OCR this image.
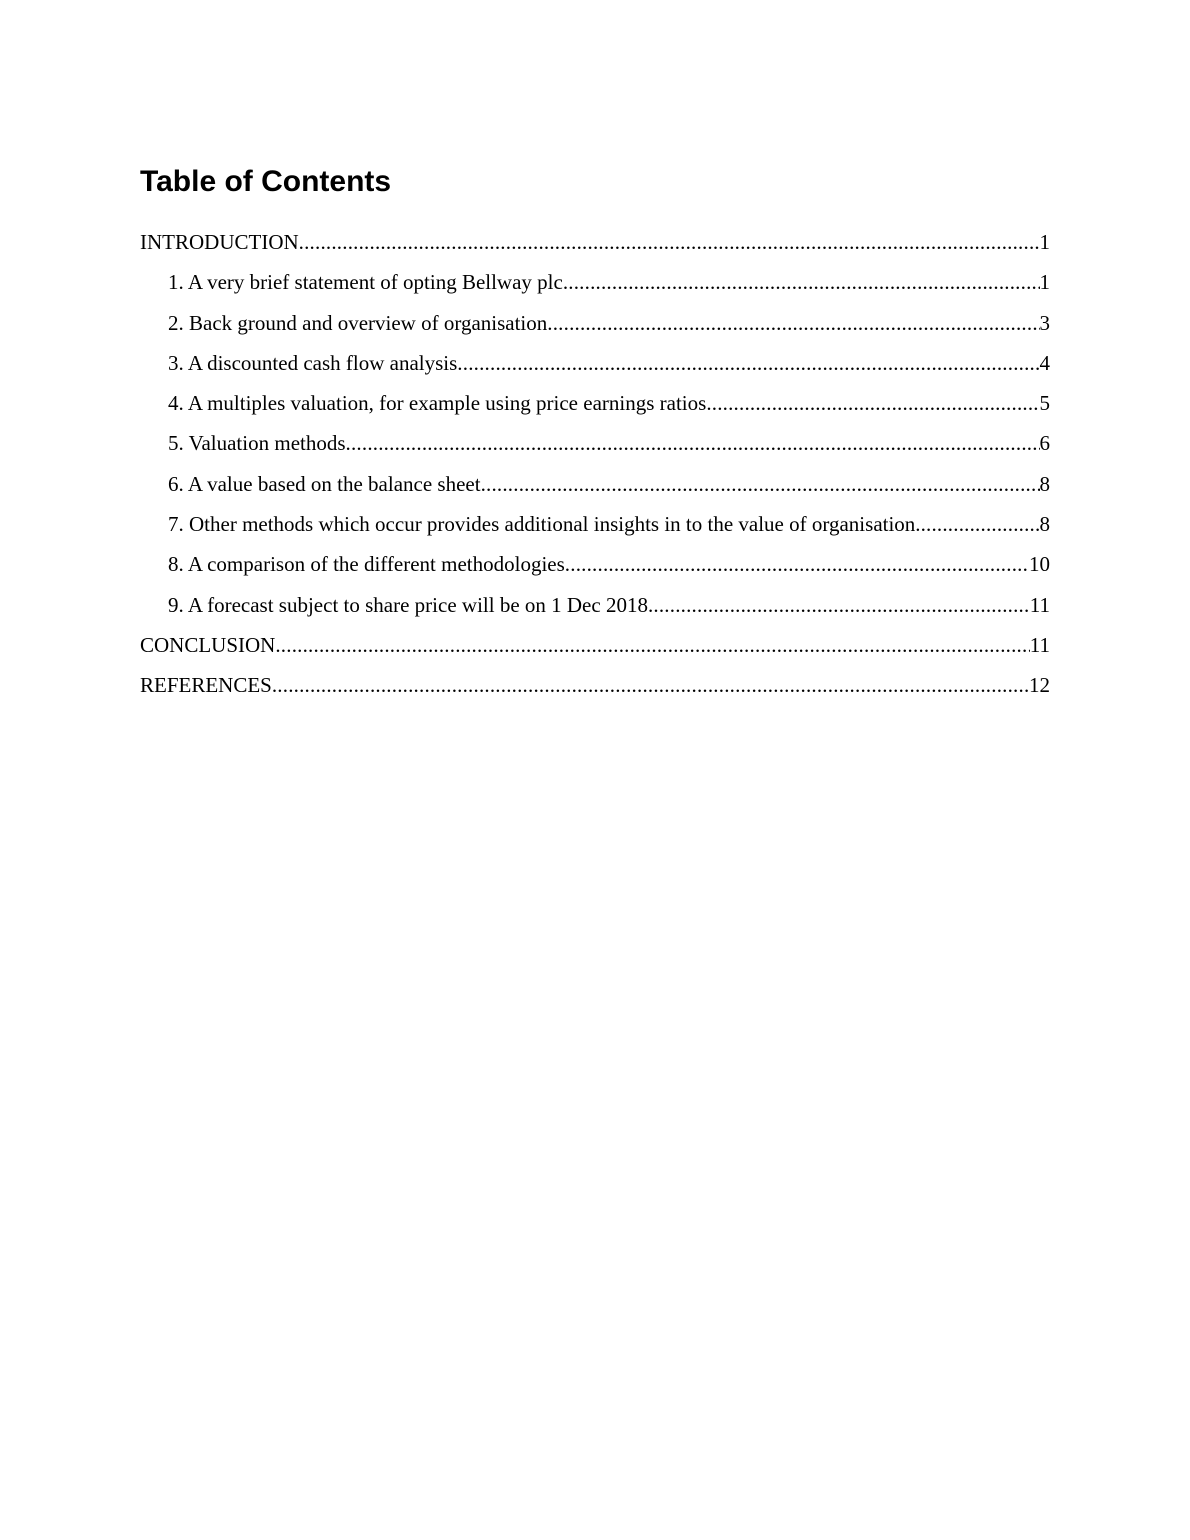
Table of Contents
INTRODUCTION .....	1
1. A very brief statement of opting Bellway plc .....	1
2. Back ground and overview of organisation .....	3
3. A discounted cash flow analysis .....	4
4. A multiples valuation, for example using price earnings ratios .....	5
5. Valuation methods .....	6
6. A value based on the balance sheet .....	8
7. Other methods which occur provides additional insights in to the value of organisation. .....	8
8. A comparison of the different methodologies .....	10
9. A forecast subject to share price will be on 1 Dec 2018 .....	11
CONCLUSION .....	11
REFERENCES .....	12
